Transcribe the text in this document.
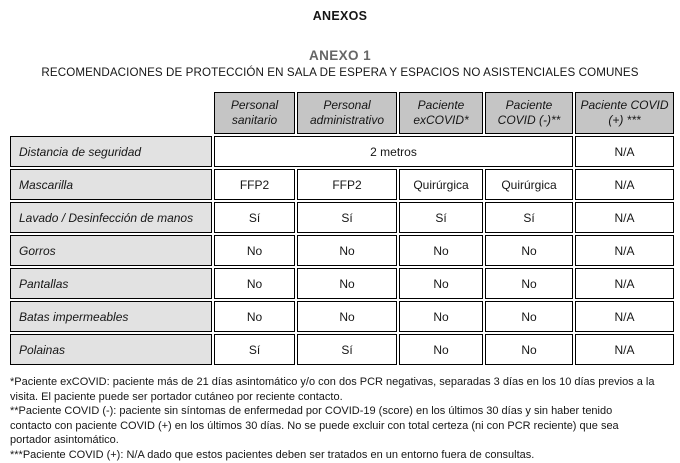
ANEXOS
ANEXO 1
RECOMENDACIONES DE PROTECCIÓN EN SALA DE ESPERA Y ESPACIOS NO ASISTENCIALES COMUNES
	Personal sanitario	Personal administrativo	Paciente exCOVID*	Paciente COVID (-)**	Paciente COVID (+) ***
Distancia de seguridad	2 metros				N/A
Mascarilla	FFP2	FFP2	Quirúrgica	Quirúrgica	N/A
Lavado / Desinfección de manos	Sí	Sí	Sí	Sí	N/A
Gorros	No	No	No	No	N/A
Pantallas	No	No	No	No	N/A
Batas impermeables	No	No	No	No	N/A
Polainas	Sí	Sí	No	No	N/A

*Paciente exCOVID: paciente más de 21 días asintomático y/o con dos PCR negativas, separadas 3 días en los 10 días previos a la visita. El paciente puede ser portador cutáneo por reciente contacto.

**Paciente COVID (-): paciente sin síntomas de enfermedad por COVID-19 (score) en los últimos 30 días y sin haber tenido contacto con paciente COVID (+) en los últimos 30 días. No se puede excluir con total certeza (ni con PCR reciente) que sea portador asintomático.

***Paciente COVID (+): N/A dado que estos pacientes deben ser tratados en un entorno fuera de consultas.
